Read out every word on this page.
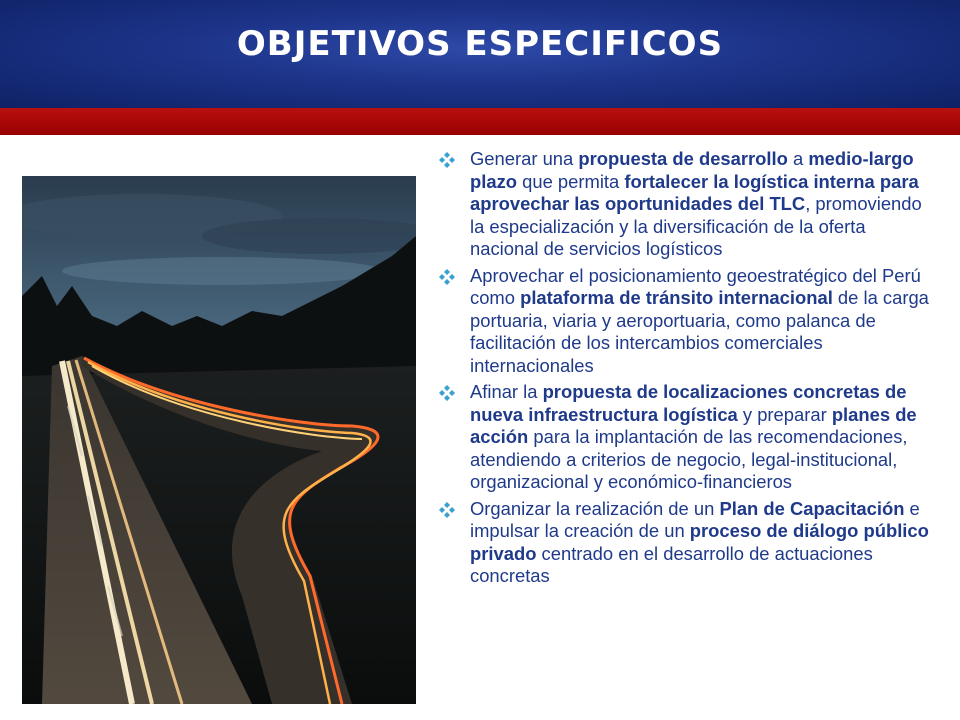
OBJETIVOS ESPECIFICOS
Generar una propuesta de desarrollo a medio-largo plazo que permita fortalecer la logística interna para aprovechar las oportunidades del TLC, promoviendo la especialización y la diversificación de la oferta nacional de servicios logísticos
Aprovechar el posicionamiento geoestratégico del Perú como plataforma de tránsito internacional de la carga portuaria, viaria y aeroportuaria, como palanca de facilitación de los intercambios comerciales internacionales
Afinar la propuesta de localizaciones concretas de nueva infraestructura logística y preparar planes de acción para la implantación de las recomendaciones, atendiendo a criterios de negocio, legal-institucional, organizacional y económico-financieros
Organizar la realización de un Plan de Capacitación e impulsar la creación de un proceso de diálogo público privado centrado en el desarrollo de actuaciones concretas
